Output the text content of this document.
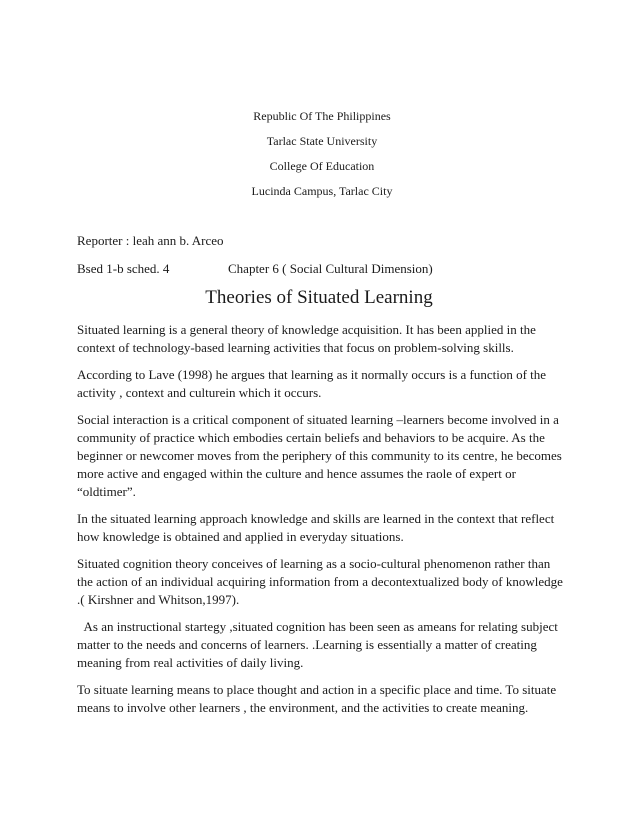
Republic Of The Philippines
Tarlac State University
College Of Education
Lucinda Campus, Tarlac City
Reporter : leah ann b. Arceo
Bsed 1-b sched. 4	Chapter 6 ( Social Cultural Dimension)
Theories of Situated Learning

Situated learning is a general theory of knowledge acquisition. It has been applied in the context of technology-based learning activities that focus on problem-solving skills.

According to Lave (1998) he argues that learning as it normally occurs is a function of the activity , context and culturein which it occurs.

Social interaction is a critical component of situated learning –learners become involved in a community of practice which embodies certain beliefs and behaviors to be acquire. As the beginner or newcomer moves from the periphery of this community to its centre, he becomes more active and engaged within the culture and hence assumes the raole of expert or “oldtimer”.

In the situated learning approach knowledge and skills are learned in the context that reflect how knowledge is obtained and applied in everyday situations.

Situated cognition theory conceives of learning as a socio-cultural phenomenon rather than the action of an individual acquiring information from a decontextualized body of knowledge .( Kirshner and Whitson,1997).

As an instructional startegy ,situated cognition has been seen as ameans for relating subject matter to the needs and concerns of learners. .Learning is essentially a matter of creating meaning from real activities of daily living.

To situate learning means to place thought and action in a specific place and time. To situate means to involve other learners , the environment, and the activities to create meaning.
